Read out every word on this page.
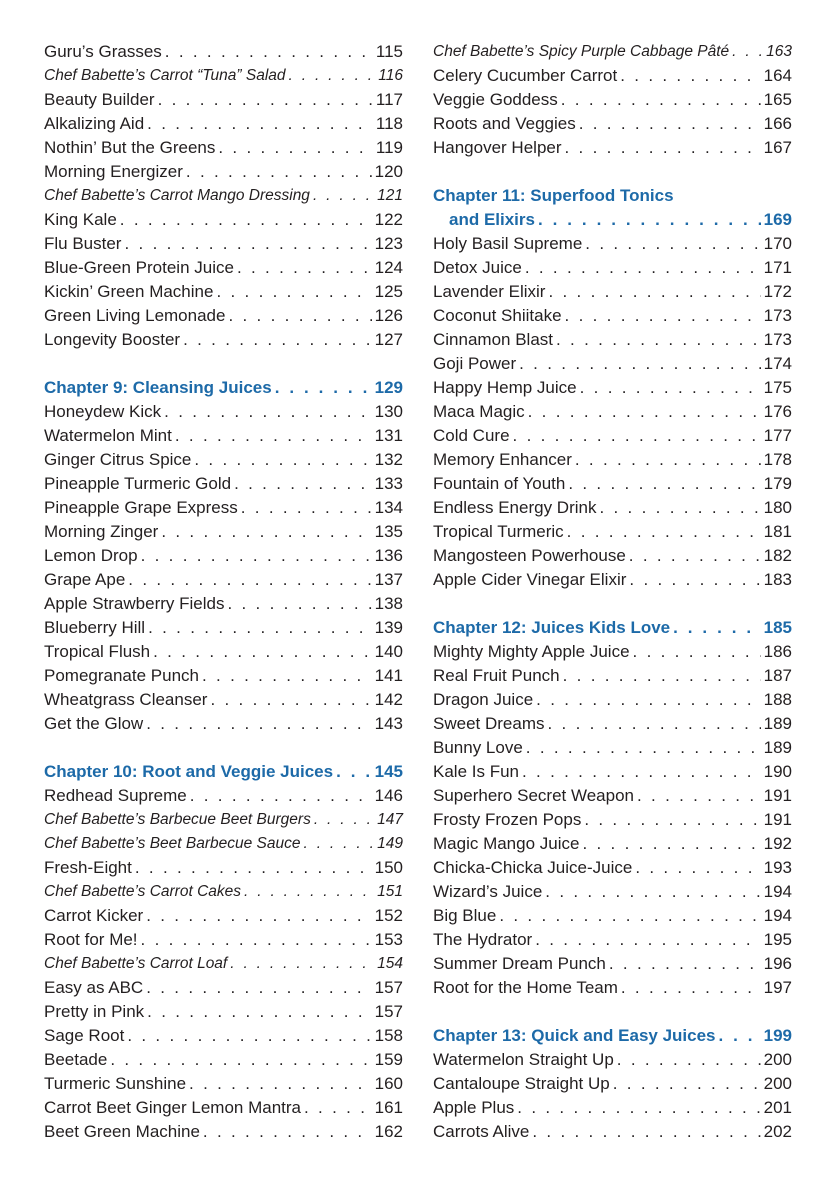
Guru’s Grasses . . .	115
Chef Babette’s Carrot “Tuna” Salad . . .	116
Beauty Builder . . .	117
Alkalizing Aid . . .	118
Nothin’ But the Greens . . .	119
Morning Energizer . . .	120
Chef Babette’s Carrot Mango Dressing . . .	121
King Kale . . .	122
Flu Buster . . .	123
Blue-Green Protein Juice . . .	124
Kickin’ Green Machine . . .	125
Green Living Lemonade . . .	126
Longevity Booster . . .	127
Chapter 9: Cleansing Juices . . .	129
Honeydew Kick . . .	130
Watermelon Mint . . .	131
Ginger Citrus Spice . . .	132
Pineapple Turmeric Gold . . .	133
Pineapple Grape Express . . .	134
Morning Zinger . . .	135
Lemon Drop . . .	136
Grape Ape . . .	137
Apple Strawberry Fields . . .	138
Blueberry Hill . . .	139
Tropical Flush . . .	140
Pomegranate Punch . . .	141
Wheatgrass Cleanser . . .	142
Get the Glow . . .	143
Chapter 10: Root and Veggie Juices . . . 145
Redhead Supreme . . .	146
Chef Babette’s Barbecue Beet Burgers . . .	147
Chef Babette’s Beet Barbecue Sauce . . .	149
Fresh-Eight . . .	150
Chef Babette’s Carrot Cakes . . .	151
Carrot Kicker . . .	152
Root for Me! . . .	153
Chef Babette’s Carrot Loaf . . .	154
Easy as ABC . . .	157
Pretty in Pink . . .	157
Sage Root . . .	158
Beetade . . .	159
Turmeric Sunshine . . .	160
Carrot Beet Ginger Lemon Mantra . . .	161
Beet Green Machine . . .	162
Chef Babette’s Spicy Purple Cabbage Pâté . . . 163
Celery Cucumber Carrot . . .	164
Veggie Goddess . . .	165
Roots and Veggies . . .	166
Hangover Helper . . .	167
Chapter 11: Superfood Tonics
and Elixirs . . .	169
Holy Basil Supreme . . .	170
Detox Juice . . .	171
Lavender Elixir . . .	172
Coconut Shiitake . . .	173
Cinnamon Blast . . .	173
Goji Power . . .	174
Happy Hemp Juice . . .	175
Maca Magic . . .	176
Cold Cure . . .	177
Memory Enhancer . . .	178
Fountain of Youth . . .	179
Endless Energy Drink . . .	180
Tropical Turmeric . . .	181
Mangosteen Powerhouse . . .	182
Apple Cider Vinegar Elixir . . .	183
Chapter 12: Juices Kids Love . . .	185
Mighty Mighty Apple Juice . . .	186
Real Fruit Punch . . .	187
Dragon Juice . . .	188
Sweet Dreams . . .	189
Bunny Love . . .	189
Kale Is Fun . . .	190
Superhero Secret Weapon . . .	191
Frosty Frozen Pops . . .	191
Magic Mango Juice . . .	192
Chicka-Chicka Juice-Juice . . .	193
Wizard’s Juice . . .	194
Big Blue . . .	194
The Hydrator . . .	195
Summer Dream Punch . . .	196
Root for the Home Team . . .	197
Chapter 13: Quick and Easy Juices . . .	199
Watermelon Straight Up . . .	200
Cantaloupe Straight Up . . .	200
Apple Plus . . .	201
Carrots Alive . . .	202
